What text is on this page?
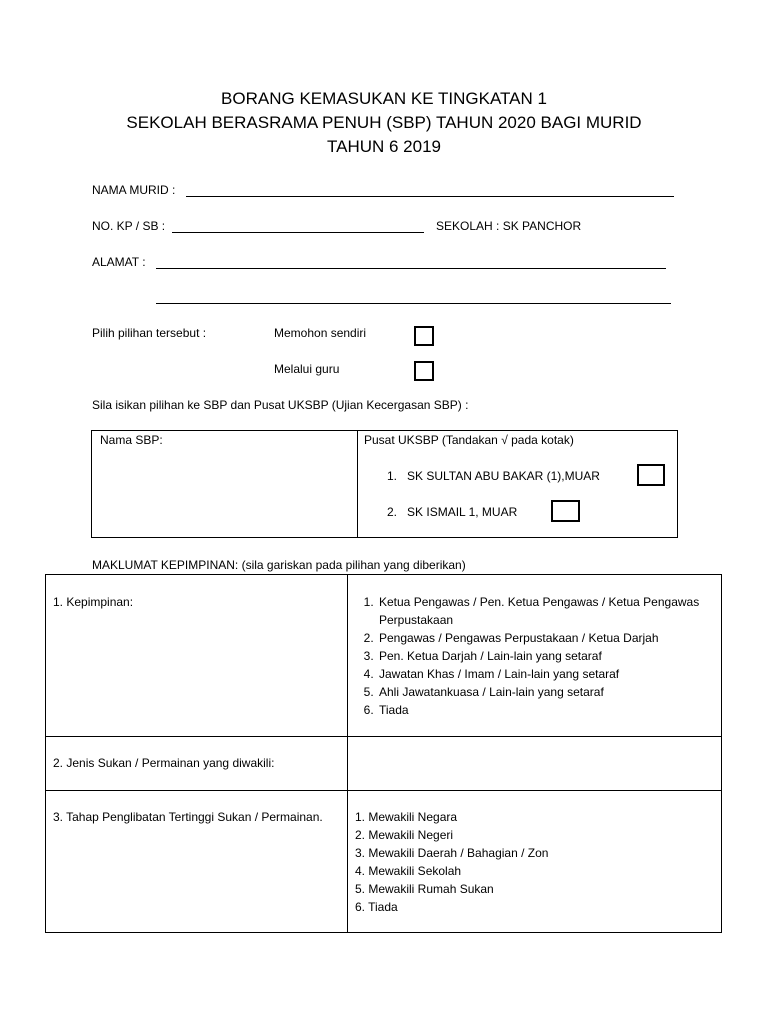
BORANG KEMASUKAN KE TINGKATAN 1
SEKOLAH BERASRAMA PENUH (SBP) TAHUN 2020 BAGI MURID
TAHUN 6 2019
NAMA MURID :
NO. KP / SB :	SEKOLAH : SK PANCHOR
ALAMAT :
Pilih pilihan tersebut :	Memohon sendiri
Melalui guru
Sila isikan pilihan ke SBP dan Pusat UKSBP (Ujian Kecergasan SBP) :
Nama SBP:	Pusat UKSBP (Tandakan √ pada kotak)
1.   SK SULTAN ABU BAKAR (1),MUAR
2.   SK ISMAIL 1, MUAR
MAKLUMAT KEPIMPINAN: (sila gariskan pada pilihan yang diberikan)
1. Kepimpinan:
1.	Ketua Pengawas / Pen. Ketua Pengawas / Ketua Pengawas Perpustakaan
2. Pengawas / Pengawas Perpustakaan / Ketua Darjah
3. Pen. Ketua Darjah / Lain-lain yang setaraf
4. Jawatan Khas / Imam / Lain-lain yang setaraf
5. Ahli Jawatankuasa / Lain-lain yang setaraf
6. Tiada
2. Jenis Sukan / Permainan yang diwakili:
3. Tahap Penglibatan Tertinggi Sukan / Permainan.	1. Mewakili Negara
2. Mewakili Negeri
3. Mewakili Daerah / Bahagian / Zon
4. Mewakili Sekolah
5. Mewakili Rumah Sukan
6. Tiada
